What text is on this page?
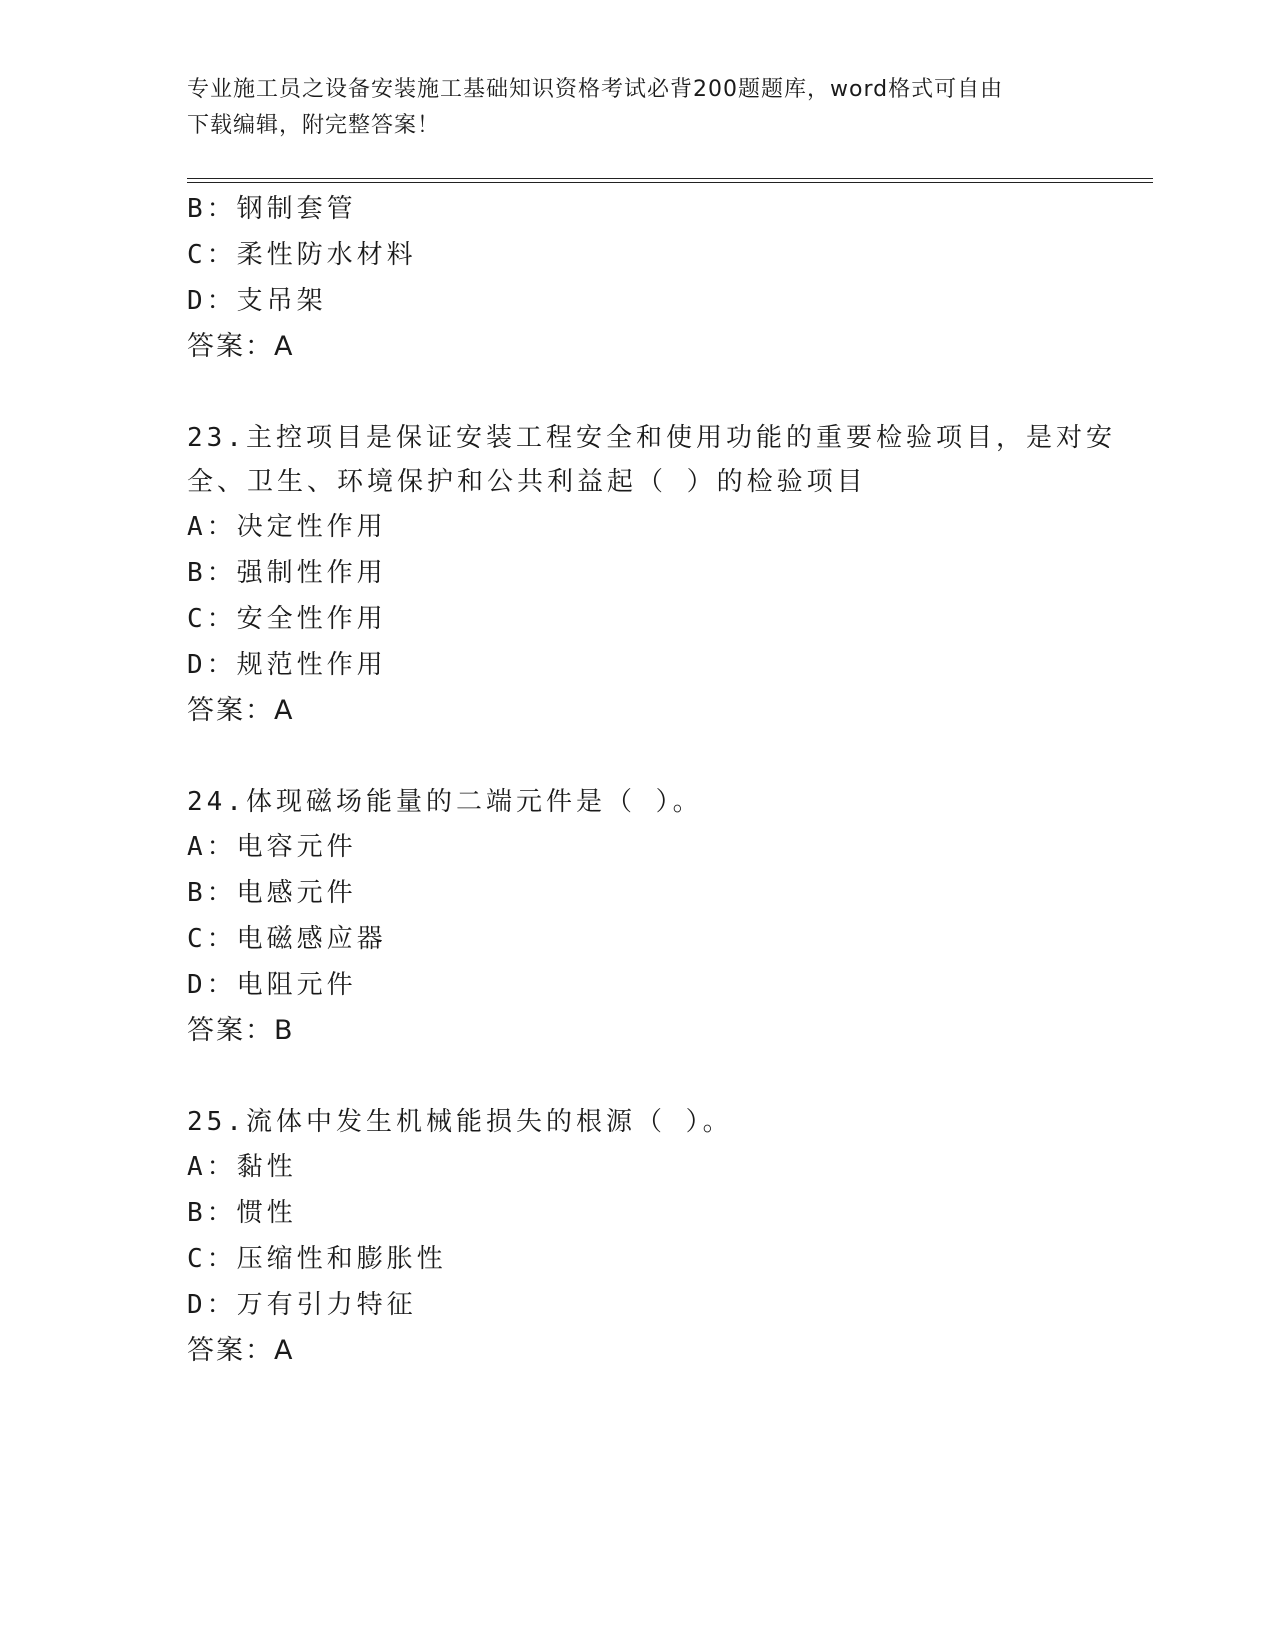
专业施工员之设备安装施工基础知识资格考试必背200题题库，word格式可自由
下载编辑，附完整答案！
B：钢制套管
C：柔性防水材料
D：支吊架
答案：A
23.主控项目是保证安装工程安全和使用功能的重要检验项目，是对安
全、卫生、环境保护和公共利益起（ ）的检验项目
A：决定性作用
B：强制性作用
C：安全性作用
D：规范性作用
答案：A
24.体现磁场能量的二端元件是（ ）。
A：电容元件
B：电感元件
C：电磁感应器
D：电阻元件
答案：B
25.流体中发生机械能损失的根源（ ）。
A：黏性
B：惯性
C：压缩性和膨胀性
D：万有引力特征
答案：A
